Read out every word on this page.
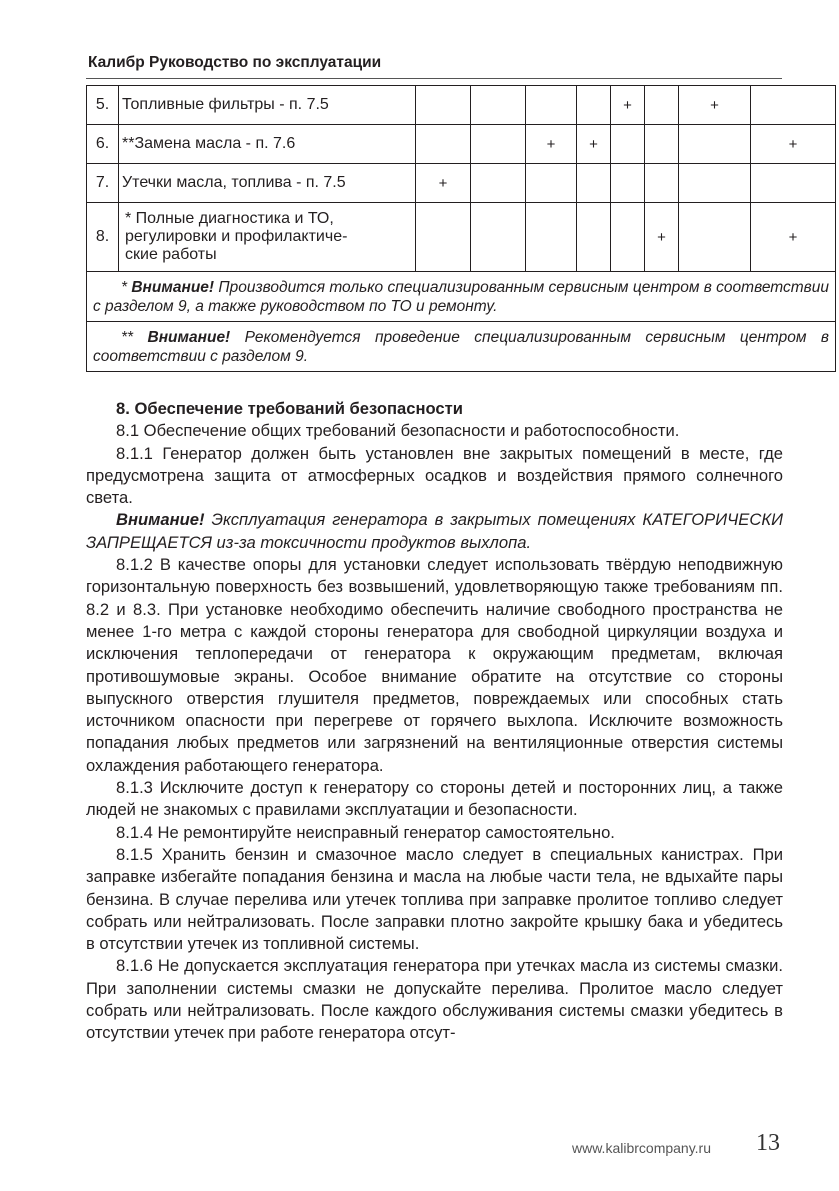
Калибр Руководство по эксплуатации
5.	Топливные фильтры - п. 7.5					+		+	
6.	**Замена масла - п. 7.6			+	+				+
7.	Утечки масла, топлива - п. 7.5	+							
8.	* Полные диагностика и ТО,
регулировки и профилактиче-
ские работы						+		+
* Внимание! Производится только специализированным сервисным центром в соответствии с разделом 9, а также руководством по ТО и ремонту.									
** Внимание! Рекомендуется проведение специализированным сервисным центром в соответствии с разделом 9.									
8. Обеспечение требований безопасности

8.1 Обеспечение общих требований безопасности и работоспособности.

8.1.1 Генератор должен быть установлен вне закрытых помещений в месте, где предусмотрена защита от атмосферных осадков и воздействия прямого солнечного света.

Внимание! Эксплуатация генератора в закрытых помещениях КАТЕГОРИЧЕСКИ ЗАПРЕЩАЕТСЯ из-за токсичности продуктов выхлопа.

8.1.2 В качестве опоры для установки следует использовать твёрдую неподвижную горизонтальную поверхность без возвышений, удовлетворяющую также требованиям пп. 8.2 и 8.3. При установке необходимо обеспечить наличие свободного пространства не менее 1-го метра с каждой стороны генератора для свободной циркуляции воздуха и исключения теплопередачи от генератора к окружающим предметам, включая противошумовые экраны. Особое внимание обратите на отсутствие со стороны выпускного отверстия глушителя предметов, повреждаемых или способных стать источником опасности при перегреве от горячего выхлопа. Исключите возможность попадания любых предметов или загрязнений на вентиляционные отверстия системы охлаждения работающего генератора.

8.1.3 Исключите доступ к генератору со стороны детей и посторонних лиц, а также людей не знакомых с правилами эксплуатации и безопасности.

8.1.4 Не ремонтируйте неисправный генератор самостоятельно.

8.1.5 Хранить бензин и смазочное масло следует в специальных канистрах. При заправке избегайте попадания бензина и масла на любые части тела, не вдыхайте пары бензина. В случае перелива или утечек топлива при заправке пролитое топливо следует собрать или нейтрализовать. После заправки плотно закройте крышку бака и убедитесь в отсутствии утечек из топливной системы.

8.1.6 Не допускается эксплуатация генератора при утечках масла из системы смазки. При заполнении системы смазки не допускайте перелива. Пролитое масло следует собрать или нейтрализовать. После каждого обслуживания системы смазки убедитесь в отсутствии утечек при работе генератора отсут-

www.kalibrcompany.ru 13
